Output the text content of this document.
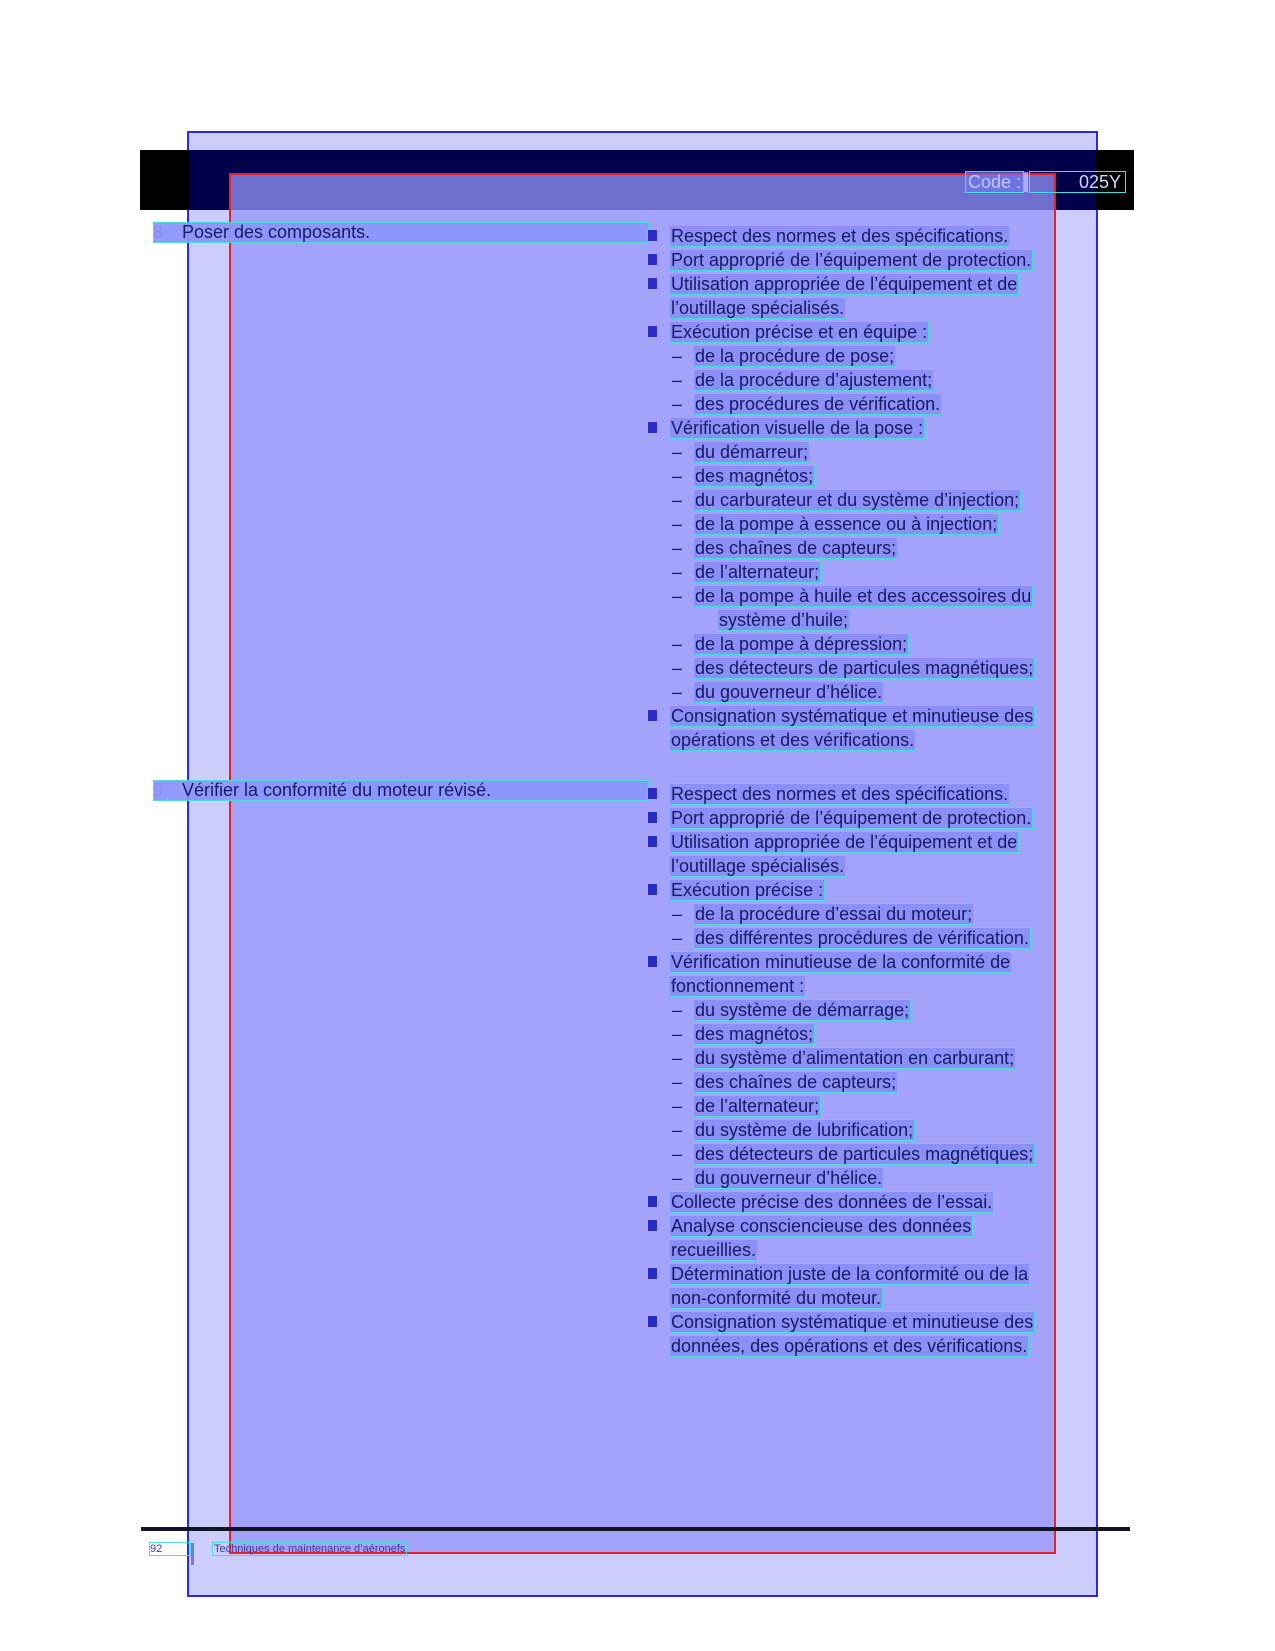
Code :	025Y
Poser des composants.	Respect des normes et des spécifications.
Port approprié de l’équipement de protection.
Utilisation appropriée de l’équipement et de
l’outillage spécialisés.
Exécution précise et en équipe :
– de la procédure de pose;
– de la procédure d’ajustement;
– des procédures de vérification.
Vérification visuelle de la pose :
– du démarreur;
– des magnétos;
– du carburateur et du système d’injection;
– de la pompe à essence ou à injection;
– des chaînes de capteurs;
– de l’alternateur;
– de la pompe à huile et des accessoires du
système d’huile;
– de la pompe à dépression;
– des détecteurs de particules magnétiques;
– du gouverneur d’hélice.
Consignation systématique et minutieuse des
opérations et des vérifications.
Vérifier la conformité du moteur révisé.	Respect des normes et des spécifications.
Port approprié de l’équipement de protection.
Utilisation appropriée de l’équipement et de
l’outillage spécialisés.
Exécution précise :
– de la procédure d’essai du moteur;
– des différentes procédures de vérification.
Vérification minutieuse de la conformité de
fonctionnement :
– du système de démarrage;
– des magnétos;
– du système d’alimentation en carburant;
– des chaînes de capteurs;
– de l’alternateur;
– du système de lubrification;
– des détecteurs de particules magnétiques;
– du gouverneur d’hélice.
Collecte précise des données de l’essai.
Analyse consciencieuse des données
recueillies.
Détermination juste de la conformité ou de la
non-conformité du moteur.
Consignation systématique et minutieuse des
données, des opérations et des vérifications.
92	Techniques de maintenance d’aéronefs
